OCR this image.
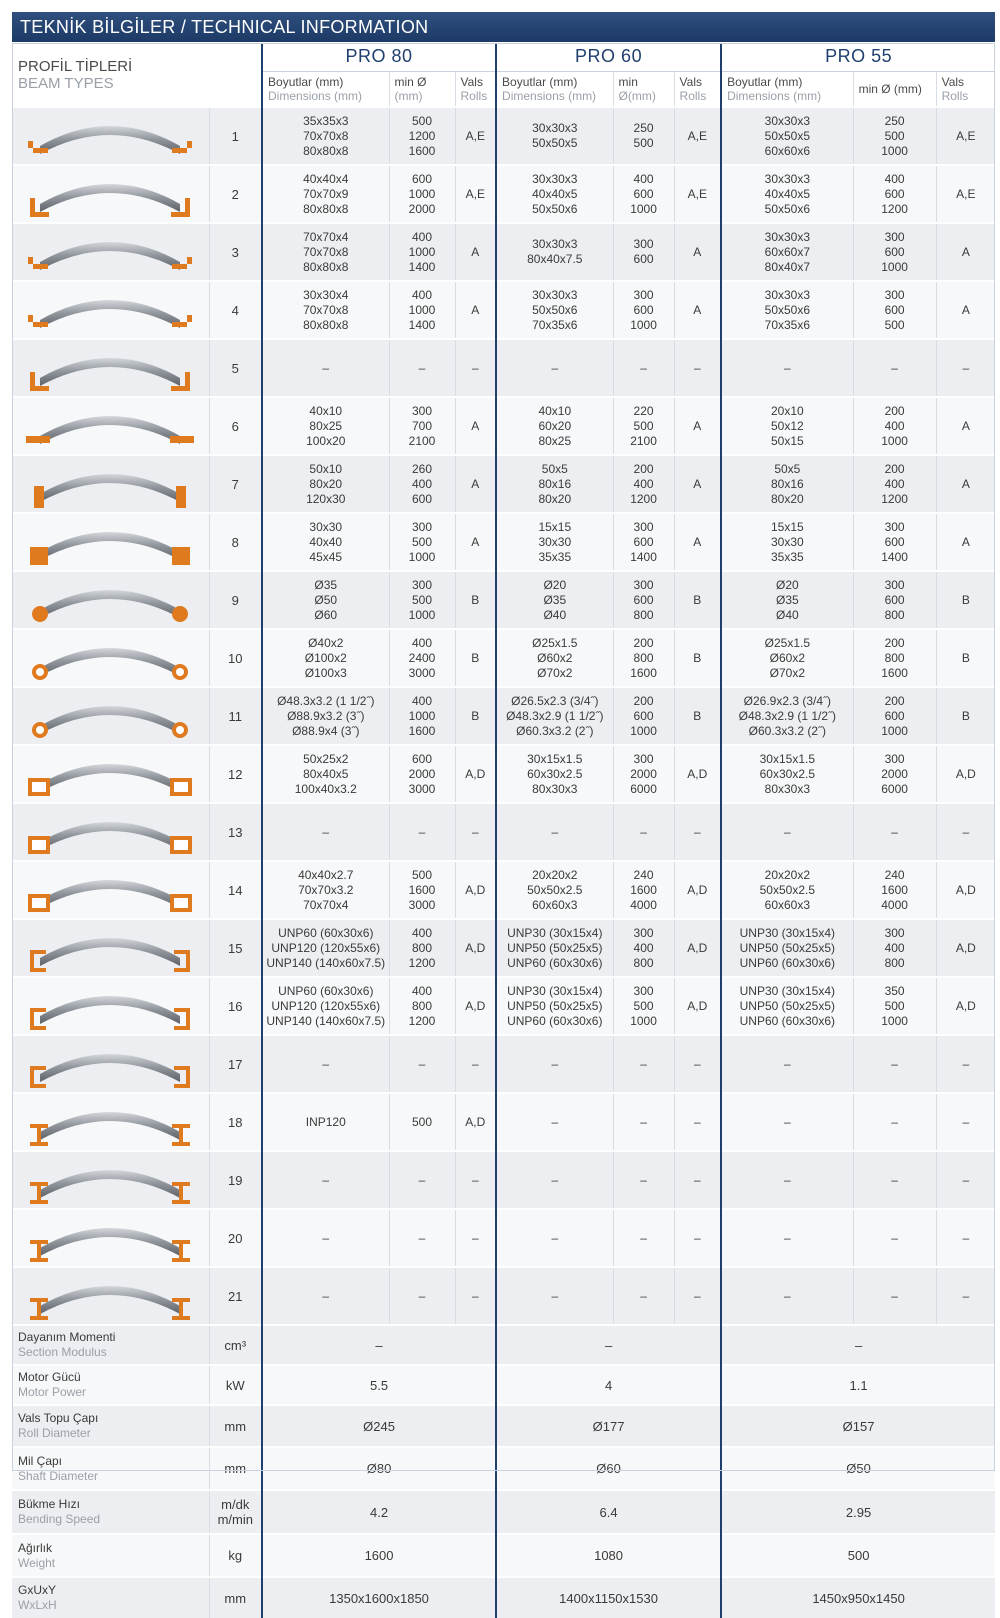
TEKNİK BİLGİLER / TECHNICAL INFORMATION
PROFİL TİPLERİ
BEAM TYPES		PRO 80			PRO 60			PRO 55		

		Boyutlar (mm)
Dimensions (mm)	min Ø
(mm)	Vals
Rolls	Boyutlar (mm)
Dimensions (mm)	min
Ø(mm)	Vals
Rolls	Boyutlar (mm)
Dimensions (mm)	min Ø (mm)	Vals
Rolls

	1	35x35x3
70x70x8
80x80x8	500
1200
1600	A,E	30x30x3
50x50x5	250
500	A,E	30x30x3
50x50x5
60x60x6	250
500
1000	A,E

	2	40x40x4
70x70x9
80x80x8	600
1000
2000	A,E	30x30x3
40x40x5
50x50x6	400
600
1000	A,E	30x30x3
40x40x5
50x50x6	400
600
1200	A,E

	3	70x70x4
70x70x8
80x80x8	400
1000
1400	A	30x30x3
80x40x7.5	300
600	A	30x30x3
60x60x7
80x40x7	300
600
1000	A

	4	30x30x4
70x70x8
80x80x8	400
1000
1400	A	30x30x3
50x50x6
70x35x6	300
600
1000	A	30x30x3
50x50x6
70x35x6	300
600
500	A

	5	–	–	–	–	–	–	–	–	–

	6	40x10
80x25
100x20	300
700
2100	A	40x10
60x20
80x25	220
500
2100	A	20x10
50x12
50x15	200
400
1000	A

	7	50x10
80x20
120x30	260
400
600	A	50x5
80x16
80x20	200
400
1200	A	50x5
80x16
80x20	200
400
1200	A

	8	30x30
40x40
45x45	300
500
1000	A	15x15
30x30
35x35	300
600
1400	A	15x15
30x30
35x35	300
600
1400	A

	9	Ø35
Ø50
Ø60	300
500
1000	B	Ø20
Ø35
Ø40	300
600
800	B	Ø20
Ø35
Ø40	300
600
800	B

	10	Ø40x2
Ø100x2
Ø100x3	400
2400
3000	B	Ø25x1.5
Ø60x2
Ø70x2	200
800
1600	B	Ø25x1.5
Ø60x2
Ø70x2	200
800
1600	B

	11	Ø48.3x3.2 (1 1/2˝)
Ø88.9x3.2 (3˝)
Ø88.9x4 (3˝)	400
1000
1600	B	Ø26.5x2.3 (3/4˝)
Ø48.3x2.9 (1 1/2˝)
Ø60.3x3.2 (2˝)	200
600
1000	B	Ø26.9x2.3 (3/4˝)
Ø48.3x2.9 (1 1/2˝)
Ø60.3x3.2 (2˝)	200
600
1000	B

	12	50x25x2
80x40x5
100x40x3.2	600
2000
3000	A,D	30x15x1.5
60x30x2.5
80x30x3	300
2000
6000	A,D	30x15x1.5
60x30x2.5
80x30x3	300
2000
6000	A,D

	13	–	–	–	–	–	–	–	–	–

	14	40x40x2.7
70x70x3.2
70x70x4	500
1600
3000	A,D	20x20x2
50x50x2.5
60x60x3	240
1600
4000	A,D	20x20x2
50x50x2.5
60x60x3	240
1600
4000	A,D

	15	UNP60 (60x30x6)
UNP120 (120x55x6)
UNP140 (140x60x7.5)	400
800
1200	A,D	UNP30 (30x15x4)
UNP50 (50x25x5)
UNP60 (60x30x6)	300
400
800	A,D	UNP30 (30x15x4)
UNP50 (50x25x5)
UNP60 (60x30x6)	300
400
800	A,D

	16	UNP60 (60x30x6)
UNP120 (120x55x6)
UNP140 (140x60x7.5)	400
800
1200	A,D	UNP30 (30x15x4)
UNP50 (50x25x5)
UNP60 (60x30x6)	300
500
1000	A,D	UNP30 (30x15x4)
UNP50 (50x25x5)
UNP60 (60x30x6)	350
500
1000	A,D

	17	–	–	–	–	–	–	–	–	–

	18	INP120	500	A,D	–	–	–	–	–	–

	19	–	–	–	–	–	–	–	–	–

	20	–	–	–	–	–	–	–	–	–

	21	–	–	–	–	–	–	–	–	–

Dayanım Momenti
Section Modulus	cm³	–			–			–		

Motor Gücü
Motor Power	kW	5.5			4			1.1		

Vals Topu Çapı
Roll Diameter	mm	Ø245			Ø177			Ø157		

Mil Çapı
Shaft Diameter	mm	Ø80			Ø60			Ø50		

Bükme Hızı
Bending Speed	m/dk
m/min	4.2			6.4			2.95		

Ağırlık
Weight	kg	1600			1080			500		

GxUxY
WxLxH	mm	1350x1600x1850			1400x1150x1530			1450x950x1450		
